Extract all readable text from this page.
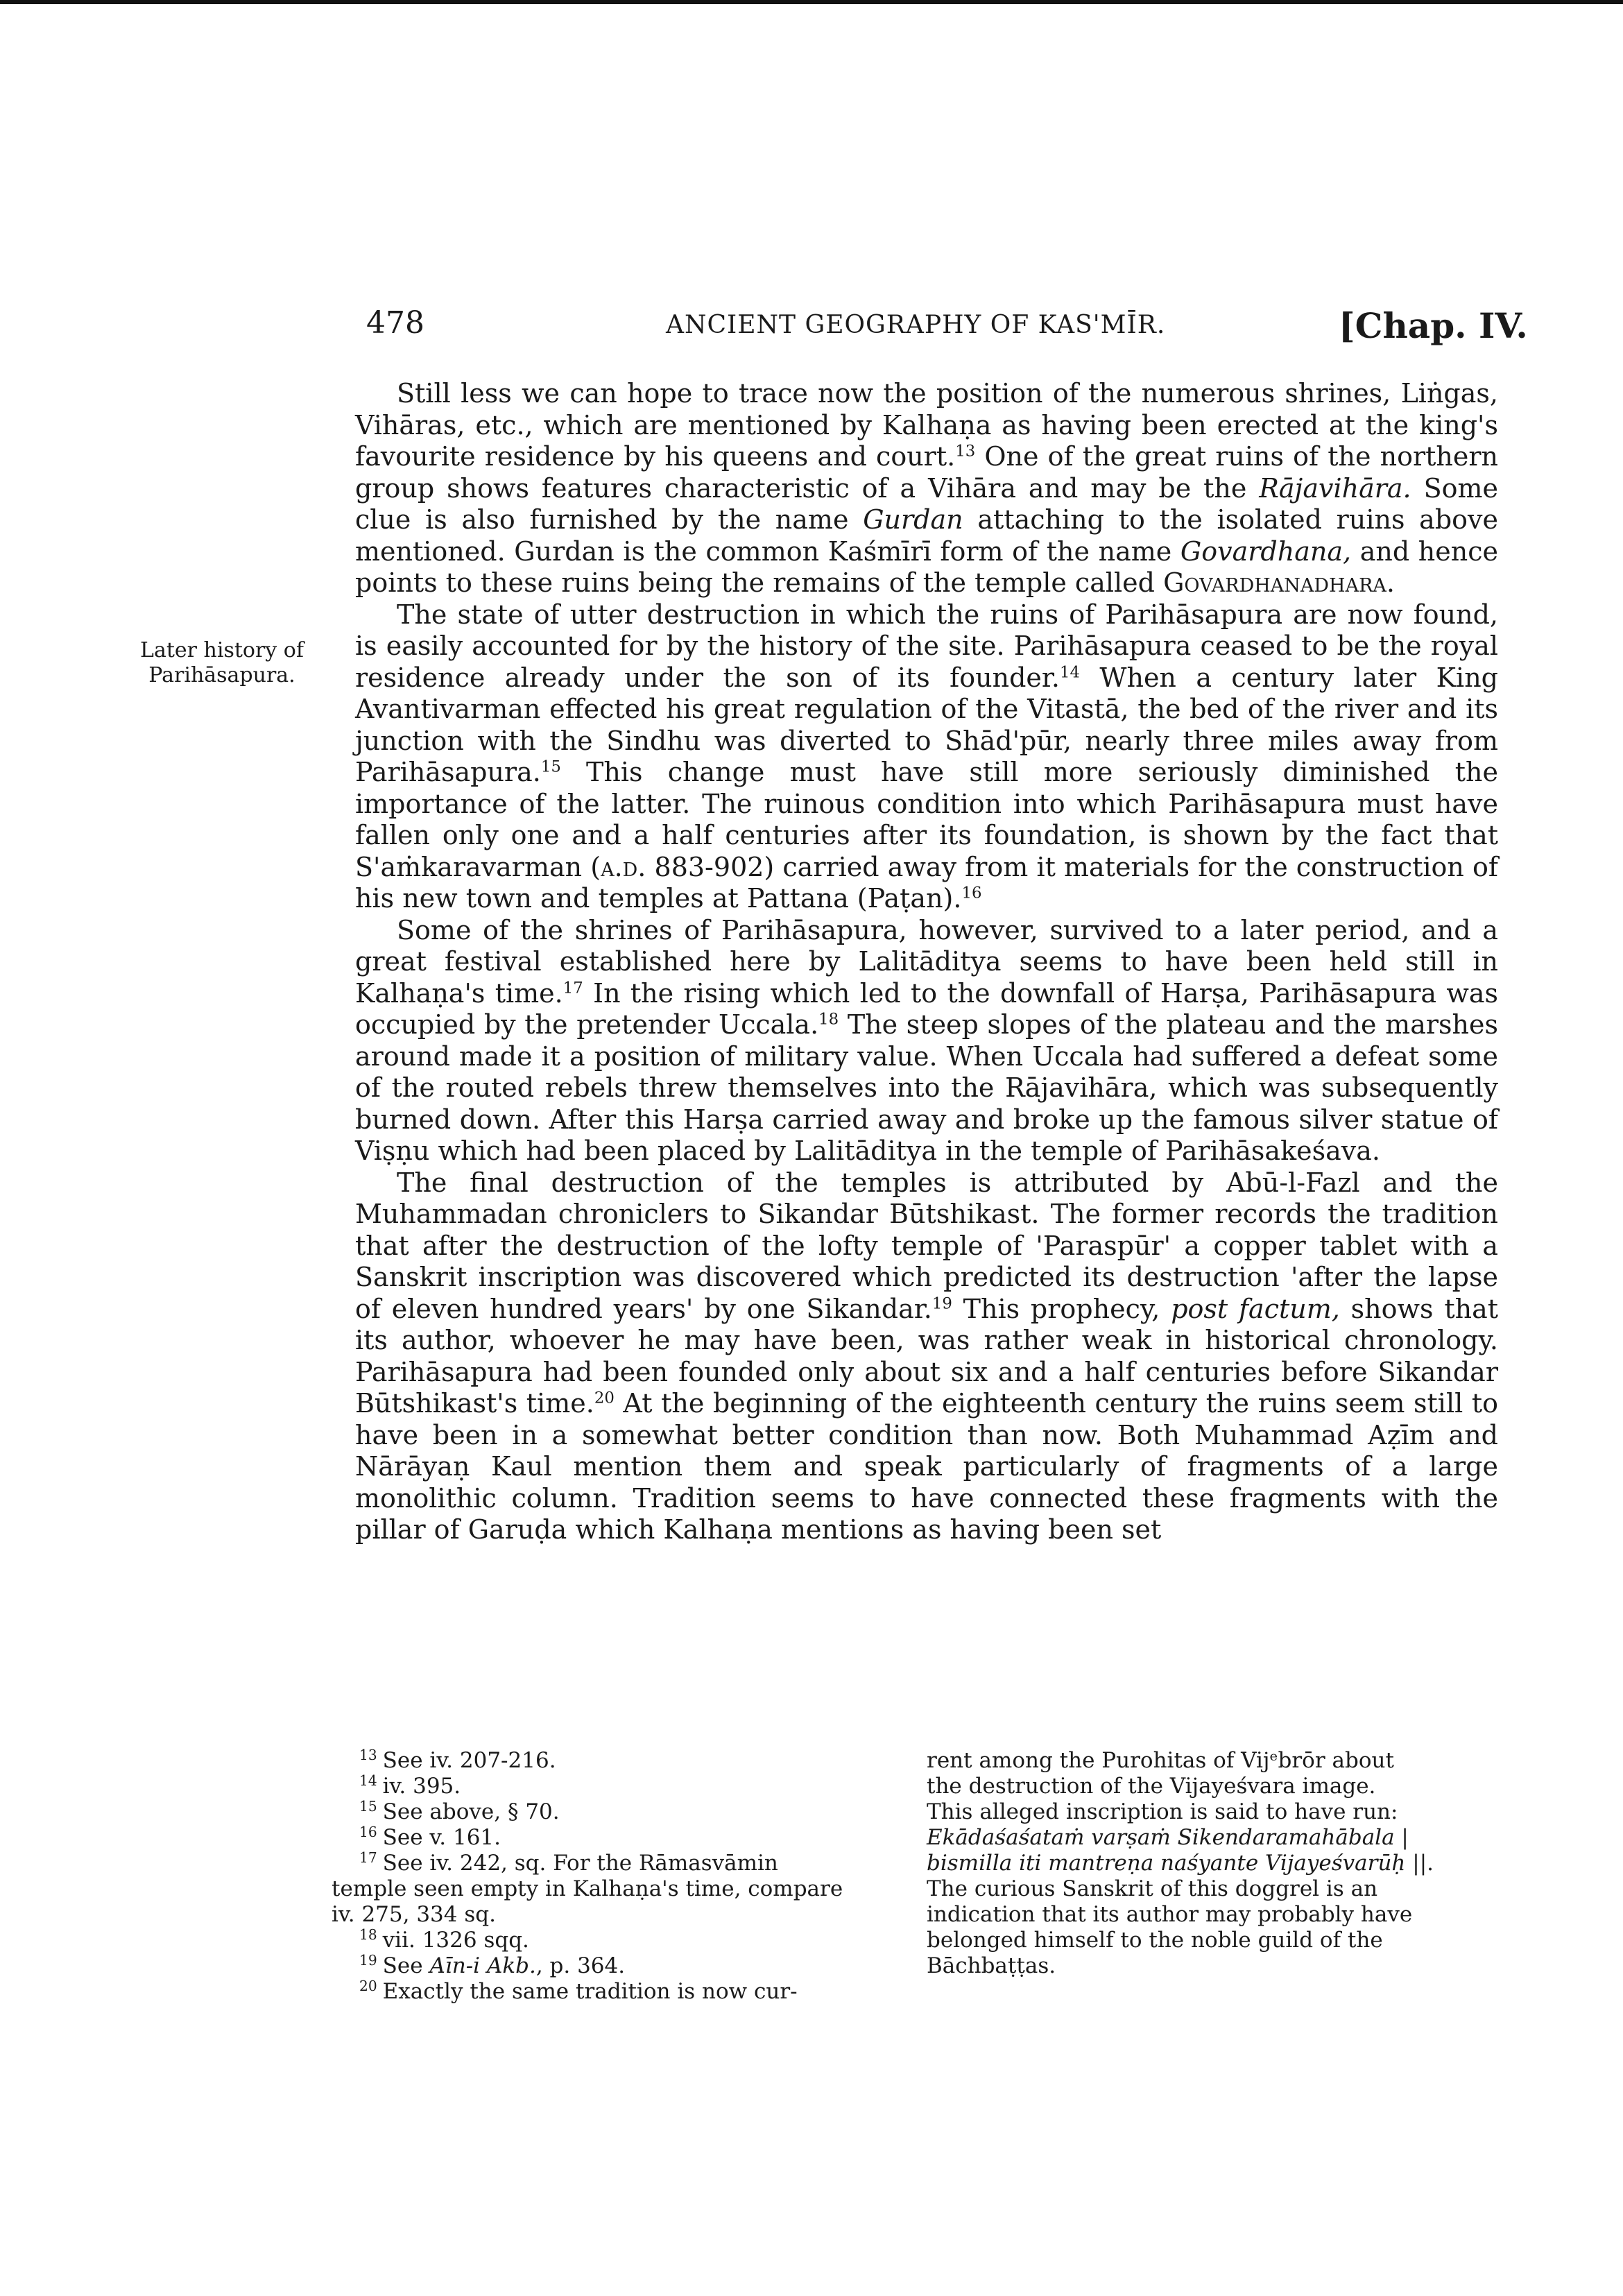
478	ANCIENT GEOGRAPHY OF KAS'MĪR.	[Chap. IV.
Later history of
Parihāsapura.

Still less we can hope to trace now the position of the numerous shrines, Liṅgas, Vihāras, etc., which are mentioned by Kalhaṇa as having been erected at the king's favourite residence by his queens and court.$^{13}$ One of the great ruins of the northern group shows features characteristic of a Vihāra and may be the Rājavihāra. Some clue is also furnished by the name Gurdan attaching to the isolated ruins above mentioned. Gurdan is the common Kaśmīrī form of the name Govardhana, and hence points to these ruins being the remains of the temple called Govardhanadhara.

The state of utter destruction in which the ruins of Parihāsapura are now found, is easily accounted for by the history of the site. Parihāsapura ceased to be the royal residence already under the son of its founder.$^{14}$ When a century later King Avantivarman effected his great regulation of the Vitastā, the bed of the river and its junction with the Sindhu was diverted to Shād'pūr, nearly three miles away from Parihāsapura.$^{15}$ This change must have still more seriously diminished the importance of the latter. The ruinous condition into which Parihāsapura must have fallen only one and a half centuries after its foundation, is shown by the fact that S'aṁkaravarman (a.d. 883-902) carried away from it materials for the construction of his new town and temples at Pattana (Paṭan).$^{16}$

Some of the shrines of Parihāsapura, however, survived to a later period, and a great festival established here by Lalitāditya seems to have been held still in Kalhaṇa's time.$^{17}$ In the rising which led to the downfall of Harṣa, Parihāsapura was occupied by the pretender Uccala.$^{18}$ The steep slopes of the plateau and the marshes around made it a position of military value. When Uccala had suffered a defeat some of the routed rebels threw themselves into the Rājavihāra, which was subsequently burned down. After this Harṣa carried away and broke up the famous silver statue of Viṣṇu which had been placed by Lalitāditya in the temple of Parihāsakeśava.

The final destruction of the temples is attributed by Abū-l-Fazl and the Muhammadan chroniclers to Sikandar Būtshikast. The former records the tradition that after the destruction of the lofty temple of 'Paraspūr' a copper tablet with a Sanskrit inscription was discovered which predicted its destruction 'after the lapse of eleven hundred years' by one Sikandar.$^{19}$ This prophecy, post factum, shows that its author, whoever he may have been, was rather weak in historical chronology. Parihāsapura had been founded only about six and a half centuries before Sikandar Būtshikast's time.$^{20}$ At the beginning of the eighteenth century the ruins seem still to have been in a somewhat better condition than now. Both Muhammad Aẓīm and Nārāyaṇ Kaul mention them and speak particularly of fragments of a large monolithic column. Tradition seems to have connected these fragments with the pillar of Garuḍa which Kalhaṇa mentions as having been set

$^{13}$ See iv. 207-216.

$^{14}$ iv. 395.

$^{15}$ See above, § 70.

$^{16}$ See v. 161.

$^{17}$ See iv. 242, sq. For the Rāmasvāmin

temple seen empty in Kalhaṇa's time, compare

iv. 275, 334 sq.

$^{18}$ vii. 1326 sqq.

$^{19}$ See Aīn-i Akb., p. 364.

$^{20}$ Exactly the same tradition is now cur-

rent among the Purohitas of Vijᵉbrōr about

the destruction of the Vijayeśvara image.

This alleged inscription is said to have run:

Ekādaśaśataṁ varṣaṁ Sikendaramahābala |

bismilla iti mantreṇa naśyante Vijayeśvarūḥ ||.

The curious Sanskrit of this doggrel is an

indication that its author may probably have

belonged himself to the noble guild of the

Bāchbaṭṭas.
